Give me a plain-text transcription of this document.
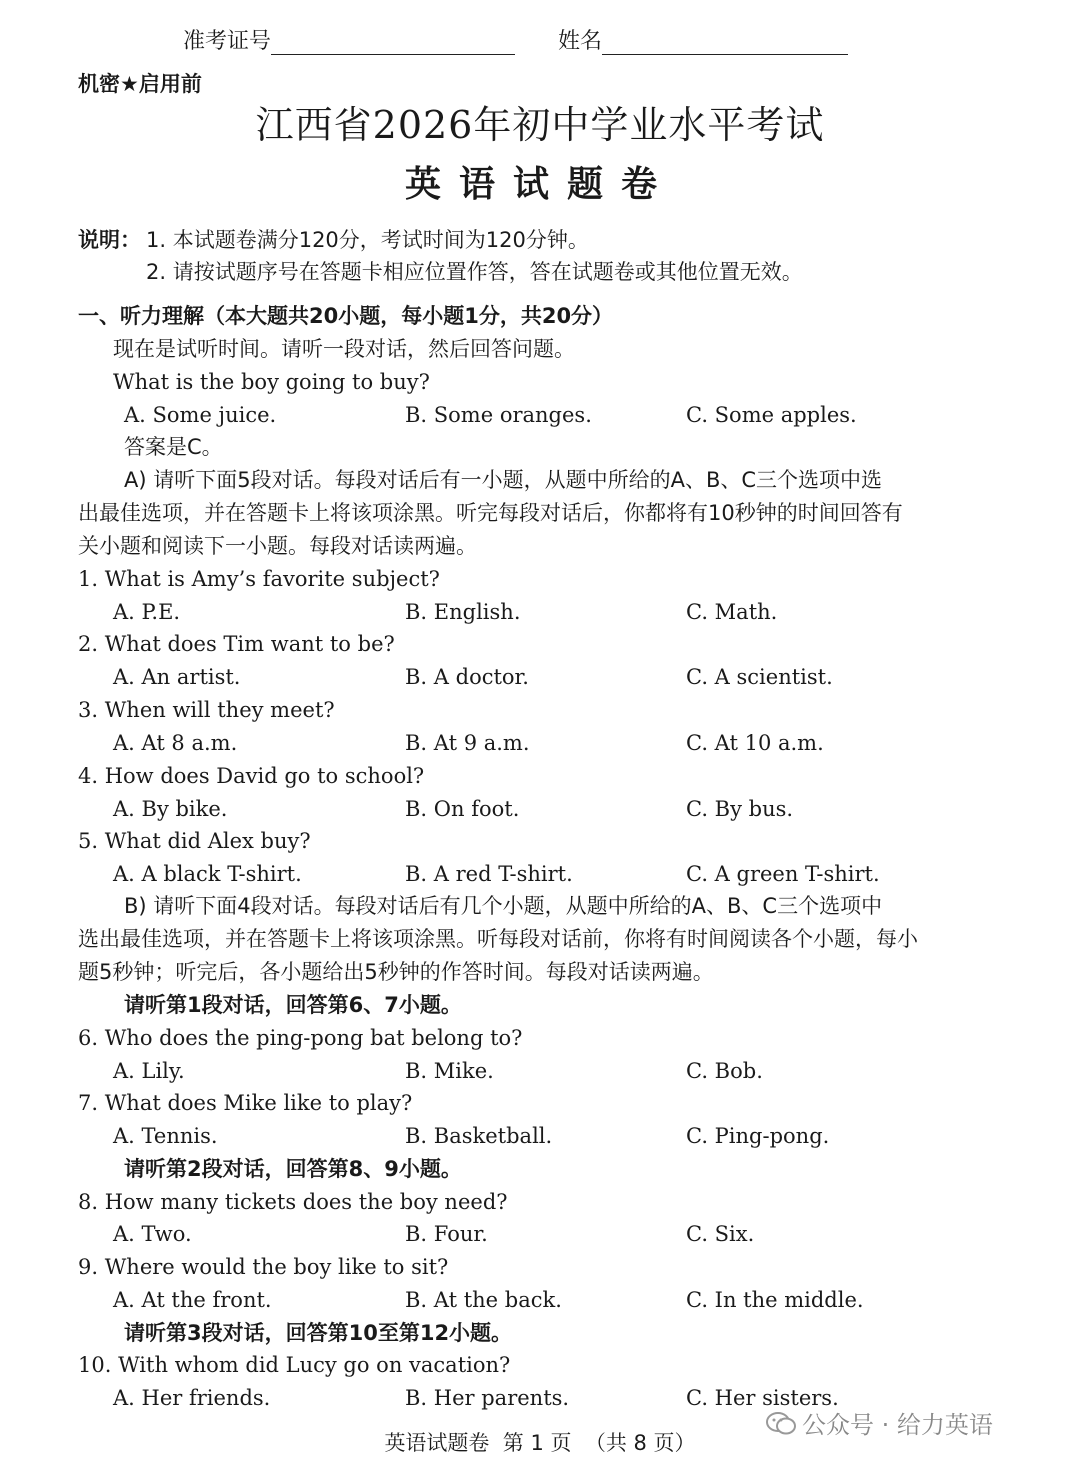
准考证号	姓名
机密★启用前
江西省2026年初中学业水平考试
英语试题卷
说明： 1. 本试题卷满分120分，考试时间为120分钟。
2. 请按试题序号在答题卡相应位置作答，答在试题卷或其他位置无效。
一、听力理解（本大题共20小题，每小题1分，共20分）
现在是试听时间。请听一段对话，然后回答问题。
What is the boy going to buy?
A. Some juice.	B. Some oranges.	C. Some apples.
答案是C。
A) 请听下面5段对话。每段对话后有一小题，从题中所给的A、B、C三个选项中选
出最佳选项，并在答题卡上将该项涂黑。听完每段对话后，你都将有10秒钟的时间回答有
关小题和阅读下一小题。每段对话读两遍。
1. What is Amy’s favorite subject?
A. P.E.	B. English.	C. Math.
2. What does Tim want to be?
A. An artist.	B. A doctor.	C. A scientist.
3. When will they meet?
A. At 8 a.m.	B. At 9 a.m.	C. At 10 a.m.
4. How does David go to school?
A. By bike.	B. On foot.	C. By bus.
5. What did Alex buy?
A. A black T-shirt.	B. A red T-shirt.	C. A green T-shirt.
B) 请听下面4段对话。每段对话后有几个小题，从题中所给的A、B、C三个选项中
选出最佳选项，并在答题卡上将该项涂黑。听每段对话前，你将有时间阅读各个小题，每小
题5秒钟；听完后，各小题给出5秒钟的作答时间。每段对话读两遍。
请听第1段对话，回答第6、7小题。
6. Who does the ping-pong bat belong to?
A. Lily.	B. Mike.	C. Bob.
7. What does Mike like to play?
A. Tennis.	B. Basketball.	C. Ping-pong.
请听第2段对话，回答第8、9小题。
8. How many tickets does the boy need?
A. Two.	B. Four.	C. Six.
9. Where would the boy like to sit?
A. At the front.	B. At the back.	C. In the middle.
请听第3段对话，回答第10至第12小题。
10. With whom did Lucy go on vacation?
A. Her friends.	B. Her parents.	C. Her sisters.
公众号 · 给力英语
英语试题卷  第 1 页  （共 8 页）
